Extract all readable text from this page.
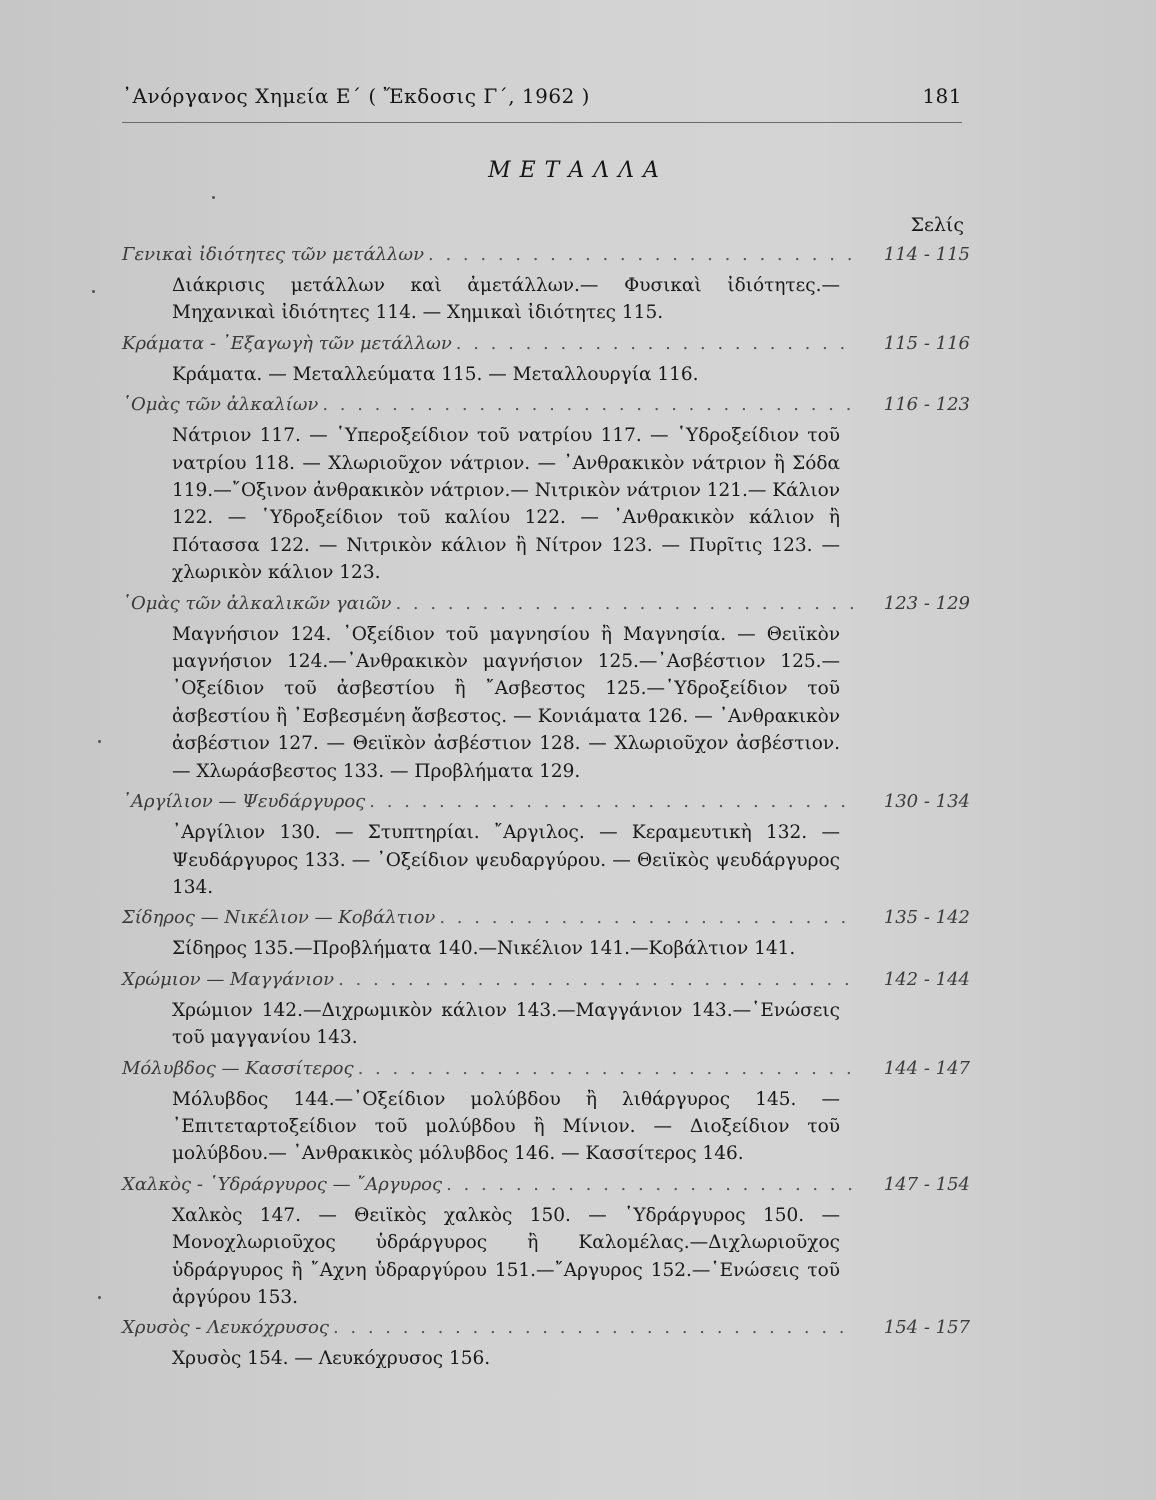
᾿Ανόργανος Χημεία Ε΄ ( Ἔκδοσις Γ΄, 1962 )	181
ΜΕΤΑΛΛΑ
Σελίς
Γενικαὶ ἰδιότητες τῶν μετάλλων . . .	114 - 115
Διάκρισις μετάλλων καὶ ἀμετάλλων.— Φυσικαὶ ἰδιότητες.— Μηχανικαὶ ἰδιότητες 114. — Χημικαὶ ἰδιότητες 115.
Κράματα - ᾿Εξαγωγὴ τῶν μετάλλων . . .	115 - 116
Κράματα. — Μεταλλεύματα 115. — Μεταλλουργία 116.
῾Ομὰς τῶν ἀλκαλίων . . .	116 - 123
Νάτριον 117. — ῾Υπεροξείδιον τοῦ νατρίου 117. — ῾Υδροξείδιον τοῦ νατρίου 118. — Χλωριοῦχον νάτριον. — ᾿Ανθρακικὸν νάτριον ἢ Σόδα 119.—῎Οξινον ἀνθρακικὸν νάτριον.— Νιτρικὸν νάτριον 121.— Κάλιον 122. — ῾Υδροξείδιον τοῦ καλίου 122. — ᾿Ανθρακικὸν κάλιον ἢ Πότασσα 122. — Νιτρικὸν κάλιον ἢ Νίτρον 123. — Πυρῖτις 123. — χλωρικὸν κάλιον 123.
῾Ομὰς τῶν ἀλκαλικῶν γαιῶν . . .	123 - 129
Μαγνήσιον 124. ᾿Οξείδιον τοῦ μαγνησίου ἢ Μαγνησία. — Θειϊκὸν μαγνήσιον 124.—᾿Ανθρακικὸν μαγνήσιον 125.—᾿Ασβέστιον 125.— ᾿Οξείδιον τοῦ ἀσβεστίου ἢ ῎Ασβεστος 125.—῾Υδροξείδιον τοῦ ἀσβεστίου ἢ ᾿Εσβεσμένη ἄσβεστος. — Κονιάματα 126. — ᾿Ανθρακικὸν ἀσβέστιον 127. — Θειϊκὸν ἀσβέστιον 128. — Χλωριοῦχον ἀσβέστιον. — Χλωράσβεστος 133. — Προβλήματα 129.
᾿Αργίλιον — Ψευδάργυρος . . .	130 - 134
᾿Αργίλιον 130. — Στυπτηρίαι. ῎Αργιλος. — Κεραμευτικὴ 132. — Ψευδάργυρος 133. — ᾿Οξείδιον ψευδαργύρου. — Θειϊκὸς ψευδάργυρος 134.
Σίδηρος — Νικέλιον — Κοβάλτιον . . .	135 - 142
Σίδηρος 135.—Προβλήματα 140.—Νικέλιον 141.—Κοβάλτιον 141.
Χρώμιον — Μαγγάνιον . . .	142 - 144
Χρώμιον 142.—Διχρωμικὸν κάλιον 143.—Μαγγάνιον 143.—῾Ενώσεις τοῦ μαγγανίου 143.
Μόλυβδος — Κασσίτερος . . .	144 - 147
Μόλυβδος 144.—᾿Οξείδιον μολύβδου ἢ λιθάργυρος 145. — ᾿Επιτεταρτοξείδιον τοῦ μολύβδου ἢ Μίνιον. — Διοξείδιον τοῦ μολύβδου.— ᾿Ανθρακικὸς μόλυβδος 146. — Κασσίτερος 146.
Χαλκὸς - ῾Υδράργυρος — ῎Αργυρος . . .	147 - 154
Χαλκὸς 147. — Θειϊκὸς χαλκὸς 150. — ῾Υδράργυρος 150. — Μονοχλωριοῦχος ὑδράργυρος ἢ Καλομέλας.—Διχλωριοῦχος ὑδράργυρος ἢ ῎Αχνη ὑδραργύρου 151.—῎Αργυρος 152.—῾Ενώσεις τοῦ ἀργύρου 153.
Χρυσὸς - Λευκόχρυσος . . .	154 - 157
Χρυσὸς 154. — Λευκόχρυσος 156.
